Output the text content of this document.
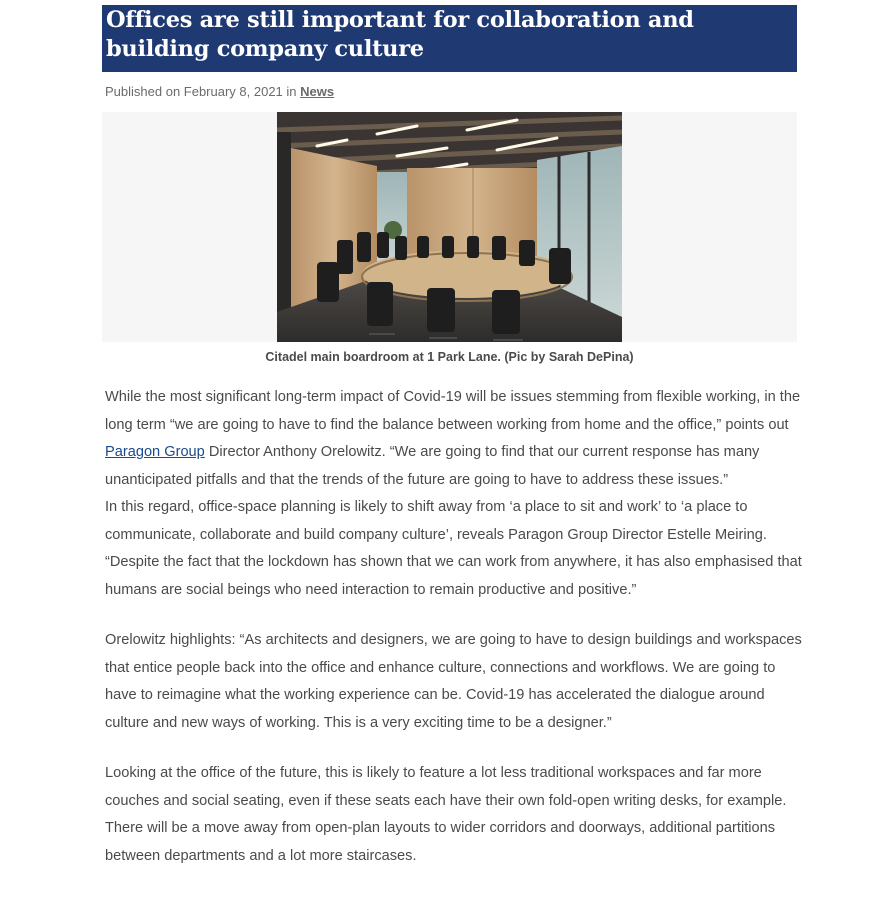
Offices are still important for collaboration and building company culture
Published on February 8, 2021 in News
Citadel main boardroom at 1 Park Lane. (Pic by Sarah DePina)

While the most significant long-term impact of Covid-19 will be issues stemming from flexible working, in the long term “we are going to have to find the balance between working from home and the office,” points out Paragon Group Director Anthony Orelowitz. “We are going to find that our current response has many unanticipated pitfalls and that the trends of the future are going to have to address these issues.”

In this regard, office-space planning is likely to shift away from ‘a place to sit and work’ to ‘a place to communicate, collaborate and build company culture’, reveals Paragon Group Director Estelle Meiring. “Despite the fact that the lockdown has shown that we can work from anywhere, it has also emphasised that humans are social beings who need interaction to remain productive and positive.”

Orelowitz highlights: “As architects and designers, we are going to have to design buildings and workspaces that entice people back into the office and enhance culture, connections and workflows. We are going to have to reimagine what the working experience can be. Covid-19 has accelerated the dialogue around culture and new ways of working. This is a very exciting time to be a designer.”

Looking at the office of the future, this is likely to feature a lot less traditional workspaces and far more couches and social seating, even if these seats each have their own fold-open writing desks, for example. There will be a move away from open-plan layouts to wider corridors and doorways, additional partitions between departments and a lot more staircases.
